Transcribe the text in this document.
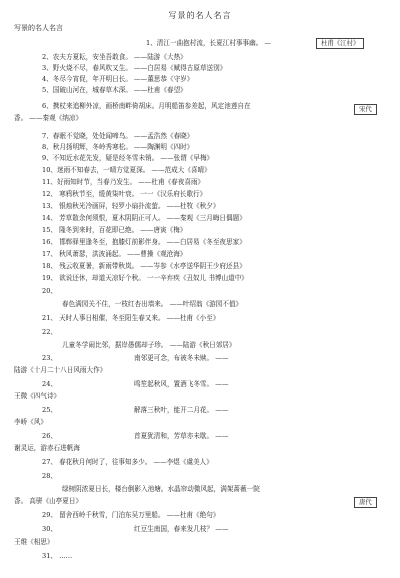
写景的名人名言
写景的名人名言
杜甫《江村》
宋代
唐代
1、清江一曲抱村流，长夏江村事事幽。 —
2、农夫方夏耘，安坐吾敢食。 ——陆游《大热》
3、野火烧不尽，春风吹又生。 ——白居易《赋得古原草送别》
4、冬尽今宵促，年开明日长。 ——董思恭《守岁》
5、国破山河在，城春草木深。 ——杜甫《春望》
6、携杖来追柳外凉，画桥南畔倚胡床。月明船笛参差起，风定池莲自在
香。 ——秦观《纳凉》
7、春眠不觉晓，处处闻啼鸟。 ——孟浩然《春晓》
8、秋月扬明辉，冬岭秀寒松。 ——陶渊明《四时》
9、不知近水花先发，疑是经冬雪未销。 ——张谓《早梅》
10、迷雨不知春去，一晴方觉夏深。 ——范成大《喜晴》
11、好雨知时节，当春乃发生。 ——杜甫《春夜喜雨》
12、 寒鸦秋节至，缓黄柒叶衰。 一一《汉乐府长歌行》
13、 银烛秋光冷画屏，轻罗小扇扑流萤。 ——杜牧《秋夕》
14、 芳草散余何须恨，夏木阴阴正可人。 ——秦观《三月晦日偶题》
15、 隆冬到来时，百花即已绝。 ——唐寅《梅》
16、 邯郸驿里逢冬至，抱膝灯前影伴身。 ——白居易《冬至夜思家》
17、 秋风萧瑟，洪波涌起。 ——曹操《观沧海》
18、 残云收夏暑，新雨带秋岚。 ——岑参《水亭送华阴王少府还县》
19、 欲说还休，却道天凉好个秋。 一一辛弃疾《丑奴儿 书博山道中》
20、
春色满园关不住，一枝红杏出墙来。 ——叶绍翁《游园不值》
21、 天时人事日相催，冬至阳生春又来。 ——杜甫《小至》
22、
儿童冬学闹比邻，据岸愚儒却子珍。 ——陆游《秋日郊居》
23、	南邻更可念，布被冬未赎。 ——
陆游《十月二十八日风雨大作》
24、	鸣笙起秋风，置酒飞冬雪。 ——
王微《四气诗》
25、	解落三秋叶，能开二月花。 ——
李峤《风》
26、	首夏犹清和，芳草亦未歇。 ——
谢灵运，游赤石进帆海
27、 春花秋月何时了，往事知多少。 ——李煜《虞美人》
28、
绿树阴浓夏日长，楼台倒影入池塘。水晶帘动微风起，满架蔷薇一院
香。 高骈《山亭夏日》
29、 留舍西岭千秋雪，门泊东吴万里船。 ——杜甫《绝句》
30、	红豆生南国，春来发几枝？ ——
王维《相思》
31、 ……
